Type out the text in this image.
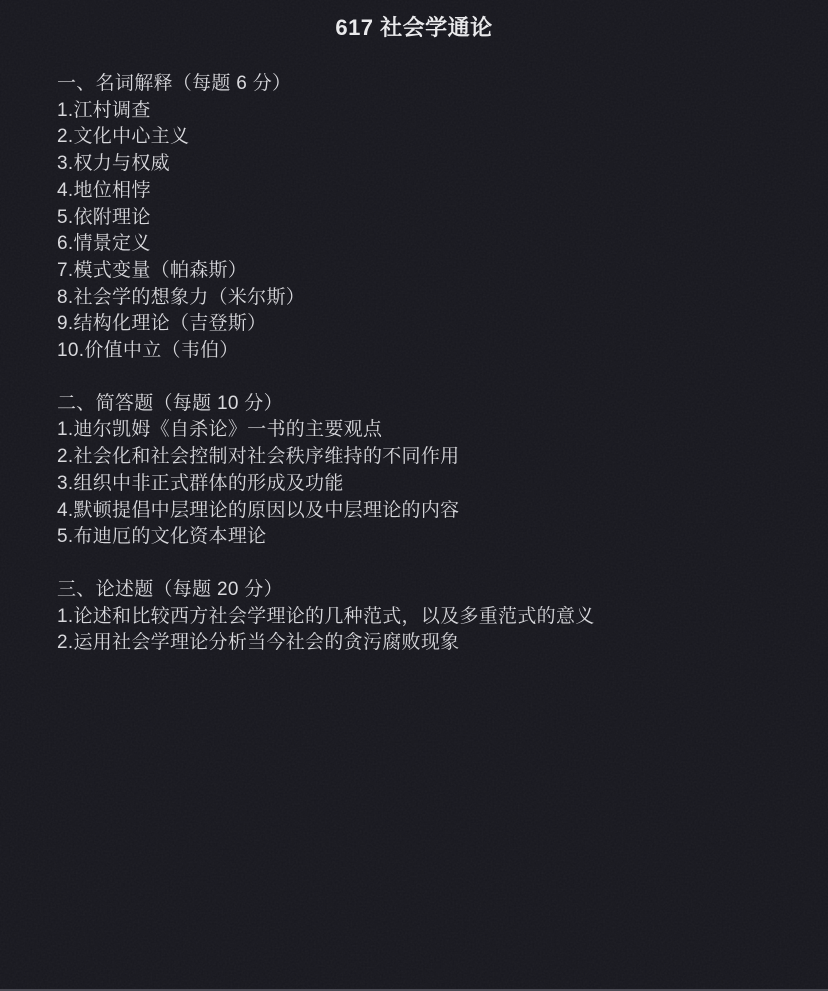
617 社会学通论

一、名词解释（每题 6 分）

1.江村调查

2.文化中心主义

3.权力与权威

4.地位相悖

5.依附理论

6.情景定义

7.模式变量（帕森斯）

8.社会学的想象力（米尔斯）

9.结构化理论（吉登斯）

10.价值中立（韦伯）

二、简答题（每题 10 分）

1.迪尔凯姆《自杀论》一书的主要观点

2.社会化和社会控制对社会秩序维持的不同作用

3.组织中非正式群体的形成及功能

4.默顿提倡中层理论的原因以及中层理论的内容

5.布迪厄的文化资本理论

三、论述题（每题 20 分）

1.论述和比较西方社会学理论的几种范式，以及多重范式的意义

2.运用社会学理论分析当今社会的贪污腐败现象
